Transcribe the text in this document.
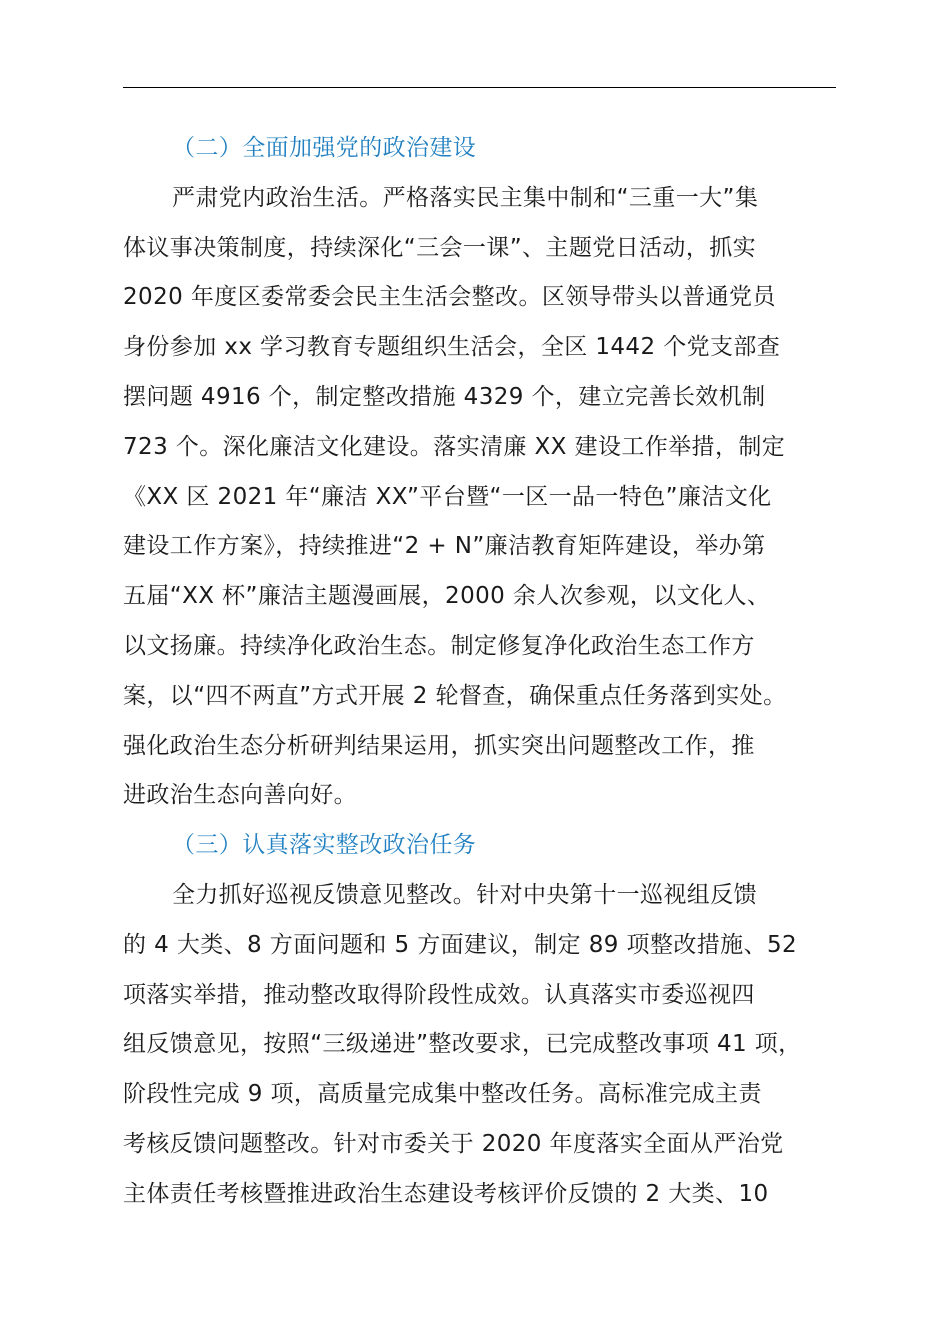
（二）全面加强党的政治建设
严肃党内政治生活。严格落实民主集中制和“三重一大”集
体议事决策制度，持续深化“三会一课”、主题党日活动，抓实
2020 年度区委常委会民主生活会整改。区领导带头以普通党员
身份参加 xx 学习教育专题组织生活会，全区 1442 个党支部查
摆问题 4916 个，制定整改措施 4329 个，建立完善长效机制
723 个。深化廉洁文化建设。落实清廉 XX 建设工作举措，制定
《XX 区 2021 年“廉洁 XX”平台暨“一区一品一特色”廉洁文化
建设工作方案》，持续推进“2 + N”廉洁教育矩阵建设，举办第
五届“XX 杯”廉洁主题漫画展，2000 余人次参观，以文化人、
以文扬廉。持续净化政治生态。制定修复净化政治生态工作方
案，以“四不两直”方式开展 2 轮督查，确保重点任务落到实处。
强化政治生态分析研判结果运用，抓实突出问题整改工作，推
进政治生态向善向好。
（三）认真落实整改政治任务
全力抓好巡视反馈意见整改。针对中央第十一巡视组反馈
的 4 大类、8 方面问题和 5 方面建议，制定 89 项整改措施、52
项落实举措，推动整改取得阶段性成效。认真落实市委巡视四
组反馈意见，按照“三级递进”整改要求，已完成整改事项 41 项，
阶段性完成 9 项，高质量完成集中整改任务。高标准完成主责
考核反馈问题整改。针对市委关于 2020 年度落实全面从严治党
主体责任考核暨推进政治生态建设考核评价反馈的 2 大类、10
